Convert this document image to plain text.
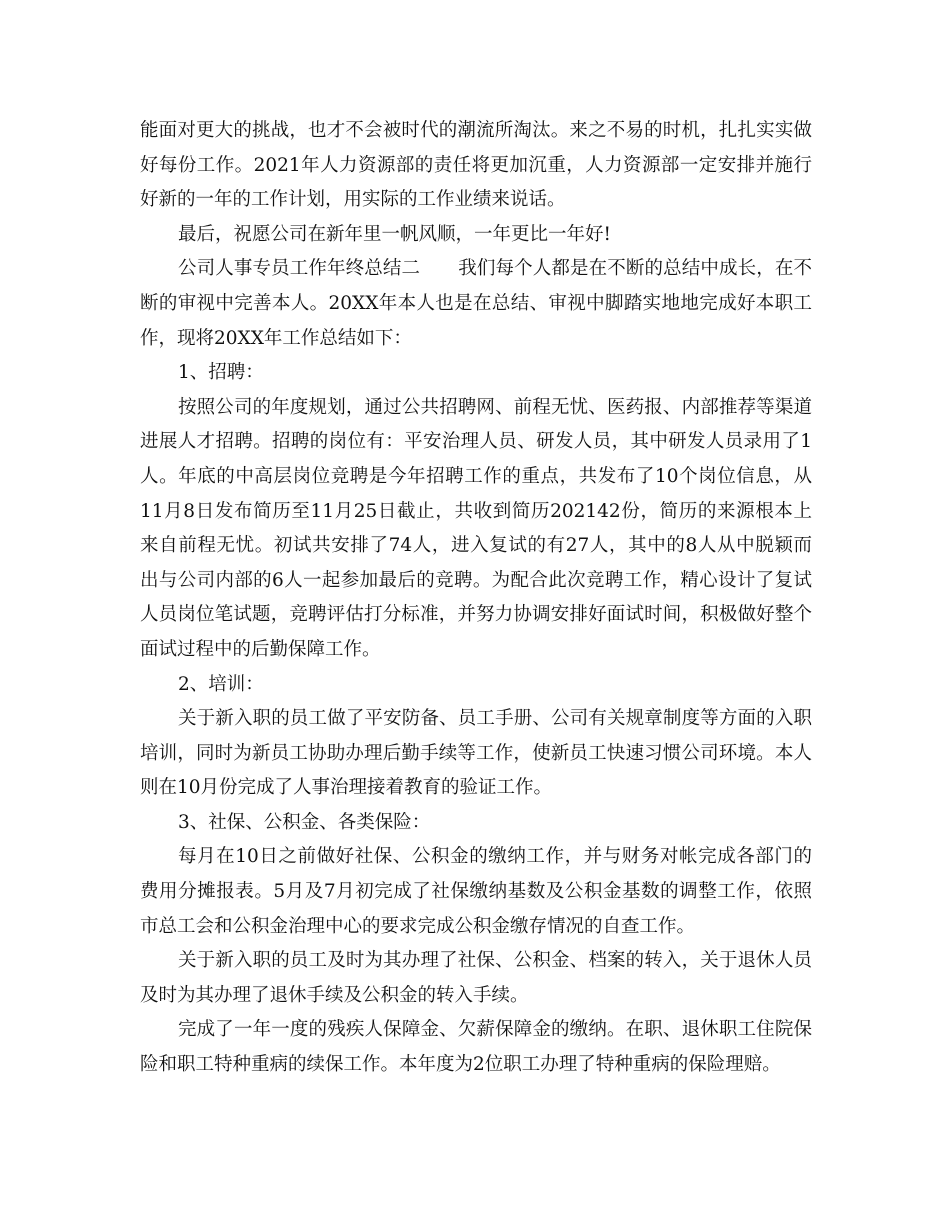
能面对更大的挑战，也才不会被时代的潮流所淘汰。来之不易的时机，扎扎实实做
好每份工作。2021年人力资源部的责任将更加沉重，人力资源部一定安排并施行
好新的一年的工作计划，用实际的工作业绩来说话。
最后，祝愿公司在新年里一帆风顺，一年更比一年好!
公司人事专员工作年终总结二 我们每个人都是在不断的总结中成长，在不
断的审视中完善本人。20XX年本人也是在总结、审视中脚踏实地地完成好本职工
作，现将20XX年工作总结如下：
1、招聘：
按照公司的年度规划，通过公共招聘网、前程无忧、医药报、内部推荐等渠道
进展人才招聘。招聘的岗位有：平安治理人员、研发人员，其中研发人员录用了1
人。年底的中高层岗位竞聘是今年招聘工作的重点，共发布了10个岗位信息，从
11月8日发布简历至11月25日截止，共收到简历202142份，简历的来源根本上
来自前程无忧。初试共安排了74人，进入复试的有27人，其中的8人从中脱颖而
出与公司内部的6人一起参加最后的竞聘。为配合此次竞聘工作，精心设计了复试
人员岗位笔试题，竞聘评估打分标准，并努力协调安排好面试时间，积极做好整个
面试过程中的后勤保障工作。
2、培训：
关于新入职的员工做了平安防备、员工手册、公司有关规章制度等方面的入职
培训，同时为新员工协助办理后勤手续等工作，使新员工快速习惯公司环境。本人
则在10月份完成了人事治理接着教育的验证工作。
3、社保、公积金、各类保险：
每月在10日之前做好社保、公积金的缴纳工作，并与财务对帐完成各部门的
费用分摊报表。5月及7月初完成了社保缴纳基数及公积金基数的调整工作，依照
市总工会和公积金治理中心的要求完成公积金缴存情况的自查工作。
关于新入职的员工及时为其办理了社保、公积金、档案的转入，关于退休人员
及时为其办理了退休手续及公积金的转入手续。
完成了一年一度的残疾人保障金、欠薪保障金的缴纳。在职、退休职工住院保
险和职工特种重病的续保工作。本年度为2位职工办理了特种重病的保险理赔。
